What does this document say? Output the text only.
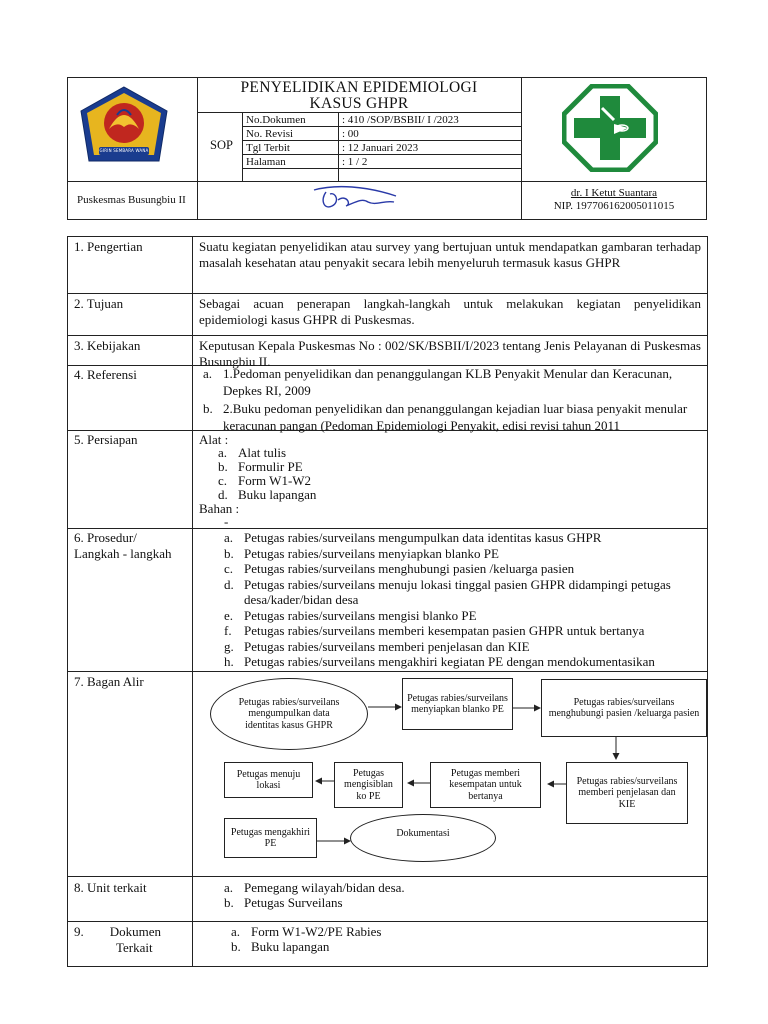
GIRIN SEMBARA WANA
PENYELIDIKAN EPIDEMIOLOGI
KASUS GHPR
SOP
No.Dokumen	: 410 /SOP/BSBII/ I /2023
No. Revisi	: 00
Tgl Terbit	: 12 Januari 2023
Halaman	: 1 / 2
Puskesmas Busungbiu II
dr. I Ketut Suantara
NIP. 197706162005011015
1. Pengertian	Suatu kegiatan penyelidikan atau survey yang bertujuan untuk mendapatkan gambaran terhadap masalah kesehatan atau penyakit secara lebih menyeluruh termasuk kasus GHPR
2. Tujuan	Sebagai acuan penerapan langkah-langkah untuk melakukan kegiatan penyelidikan epidemiologi kasus GHPR di Puskesmas.
3. Kebijakan	Keputusan Kepala Puskesmas No : 002/SK/BSBII/I/2023 tentang Jenis Pelayanan di Puskesmas Busungbiu II.
4. Referensi	a. 1.Pedoman penyelidikan dan penanggulangan KLB Penyakit Menular dan Keracunan, Depkes RI, 2009
b. 2.Buku pedoman penyelidikan dan penanggulangan kejadian luar biasa penyakit menular keracunan pangan (Pedoman Epidemiologi Penyakit, edisi revisi tahun 2011
5. Persiapan	Alat :
a. Alat tulis
b. Formulir PE
c. Form W1-W2
d. Buku lapangan
Bahan :
-
6. Prosedur/
Langkah - langkah
a. Petugas rabies/surveilans mengumpulkan data identitas kasus GHPR
b. Petugas rabies/surveilans menyiapkan blanko PE
c. Petugas rabies/surveilans menghubungi pasien /keluarga pasien
d. Petugas rabies/surveilans menuju lokasi tinggal pasien GHPR didampingi petugas desa/kader/bidan desa
e. Petugas rabies/surveilans mengisi blanko PE
f. Petugas rabies/surveilans memberi kesempatan pasien GHPR untuk bertanya
g. Petugas rabies/surveilans memberi penjelasan dan KIE
h. Petugas rabies/surveilans mengakhiri kegiatan PE dengan mendokumentasikan
7. Bagan Alir
Petugas rabies/surveilans mengumpulkan data identitas kasus GHPR
Petugas rabies/surveilans menyiapkan blanko PE
Petugas rabies/surveilans menghubungi pasien /keluarga pasien
Petugas rabies/surveilans memberi penjelasan dan KIE
Petugas memberi kesempatan untuk bertanya
Petugas mengisiblan ko PE
Petugas menuju lokasi
Petugas mengakhiri PE
Dokumentasi
8. Unit terkait	a. Pemegang wilayah/bidan desa.
b. Petugas Surveilans
9.        Dokumen
Terkait
a. Form W1-W2/PE Rabies
b. Buku lapangan
